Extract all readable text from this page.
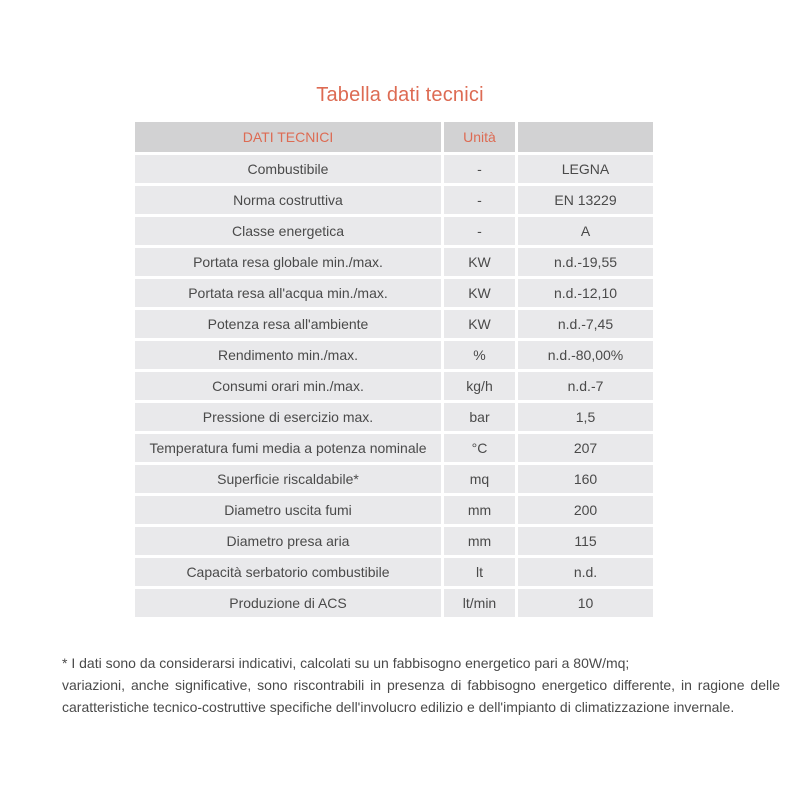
Tabella dati tecnici
DATI TECNICI	Unità	
Combustibile	-	LEGNA
Norma costruttiva	-	EN 13229
Classe energetica	-	A
Portata resa globale min./max.	KW	n.d.-19,55
Portata resa all'acqua min./max.	KW	n.d.-12,10
Potenza resa all'ambiente	KW	n.d.-7,45
Rendimento min./max.	%	n.d.-80,00%
Consumi orari min./max.	kg/h	n.d.-7
Pressione di esercizio max.	bar	1,5
Temperatura fumi media a potenza nominale	°C	207
Superficie riscaldabile*	mq	160
Diametro uscita fumi	mm	200
Diametro presa aria	mm	115
Capacità serbatorio combustibile	lt	n.d.
Produzione di ACS	lt/min	10
* I dati sono da considerarsi indicativi, calcolati su un fabbisogno energetico pari a 80W/mq;
variazioni, anche significative, sono riscontrabili in presenza di fabbisogno energetico differente, in ragione delle
caratteristiche tecnico-costruttive specifiche dell'involucro edilizio e dell'impianto di climatizzazione invernale.
